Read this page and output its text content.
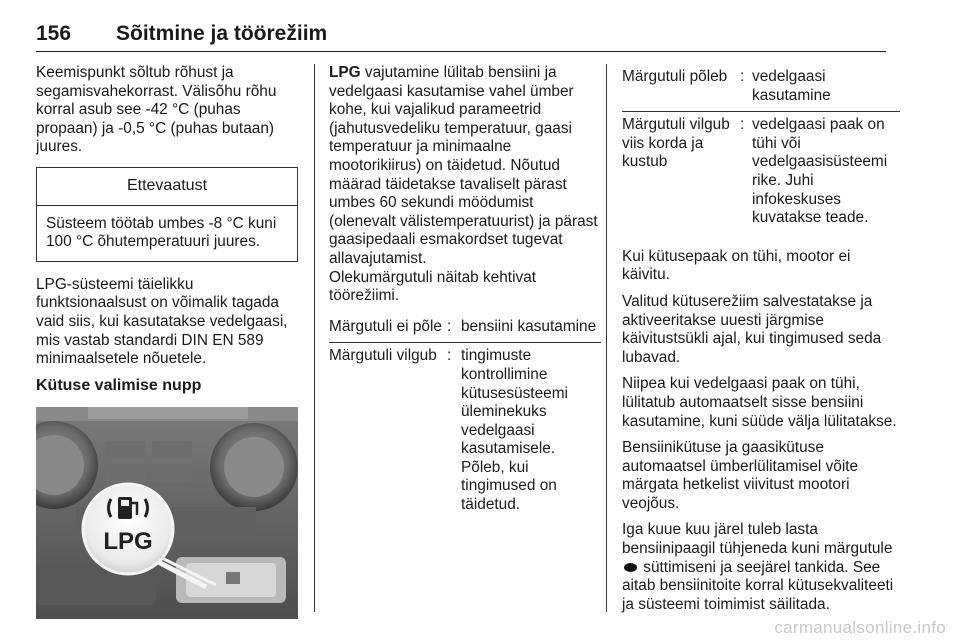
156 Sõitmine ja töörežiim

Keemispunkt sõltub rõhust ja segamisvahekorrast. Välisõhu rõhu korral asub see -42 °C (puhas propaan) ja -0,5 °C (puhas butaan) juures.

Ettevaatust
Süsteem töötab umbes -8 °C kuni 100 °C õhutemperatuuri juures.

LPG-süsteemi täielikku funktsionaalsust on võimalik tagada vaid siis, kui kasutatakse vedelgaasi, mis vastab standardi DIN EN 589 minimaalsetele nõuetele.

Kütuse valimise nupp
LPG

LPG vajutamine lülitab bensiini ja vedelgaasi kasutamise vahel ümber kohe, kui vajalikud parameetrid (jahutusvedeliku temperatuur, gaasi temperatuur ja minimaalne mootorikiirus) on täidetud. Nõutud määrad täidetakse tavaliselt pärast umbes 60 sekundi möödumist (olenevalt välistemperatuurist) ja pärast gaasipedaali esmakordset tugevat allavajutamist.
Olekumärgutuli näitab kehtivat töörežiimi.

Märgutuli ei põle	:	bensiini kasutamine
Märgutuli vilgub	:	tingimuste kontrollimine kütusesüsteemi üleminekuks vedelgaasi kasutamisele. Põleb, kui tingimused on täidetud.
Märgutuli põleb	:	vedelgaasi kasutamine
Märgutuli vilgub viis korda ja kustub	:	vedelgaasi paak on tühi või vedelgaasisüsteemi rike. Juhi infokeskuses kuvatakse teade.

Kui kütusepaak on tühi, mootor ei käivitu.

Valitud kütuserežiim salvestatakse ja aktiveeritakse uuesti järgmise käivitustsükli ajal, kui tingimused seda lubavad.

Niipea kui vedelgaasi paak on tühi, lülitatub automaatselt sisse bensiini kasutamine, kuni süüde välja lülitatakse.

Bensiinikütuse ja gaasikütuse automaatsel ümberlülitamisel võite märgata hetkelist viivitust mootori veojõus.

Iga kuue kuu järel tuleb lasta bensiinipaagil tühjeneda kuni märgutule  süttimiseni ja seejärel tankida. See aitab bensiinitoite korral kütusekvaliteeti ja süsteemi toimimist säilitada.

carmanualsonline.info
